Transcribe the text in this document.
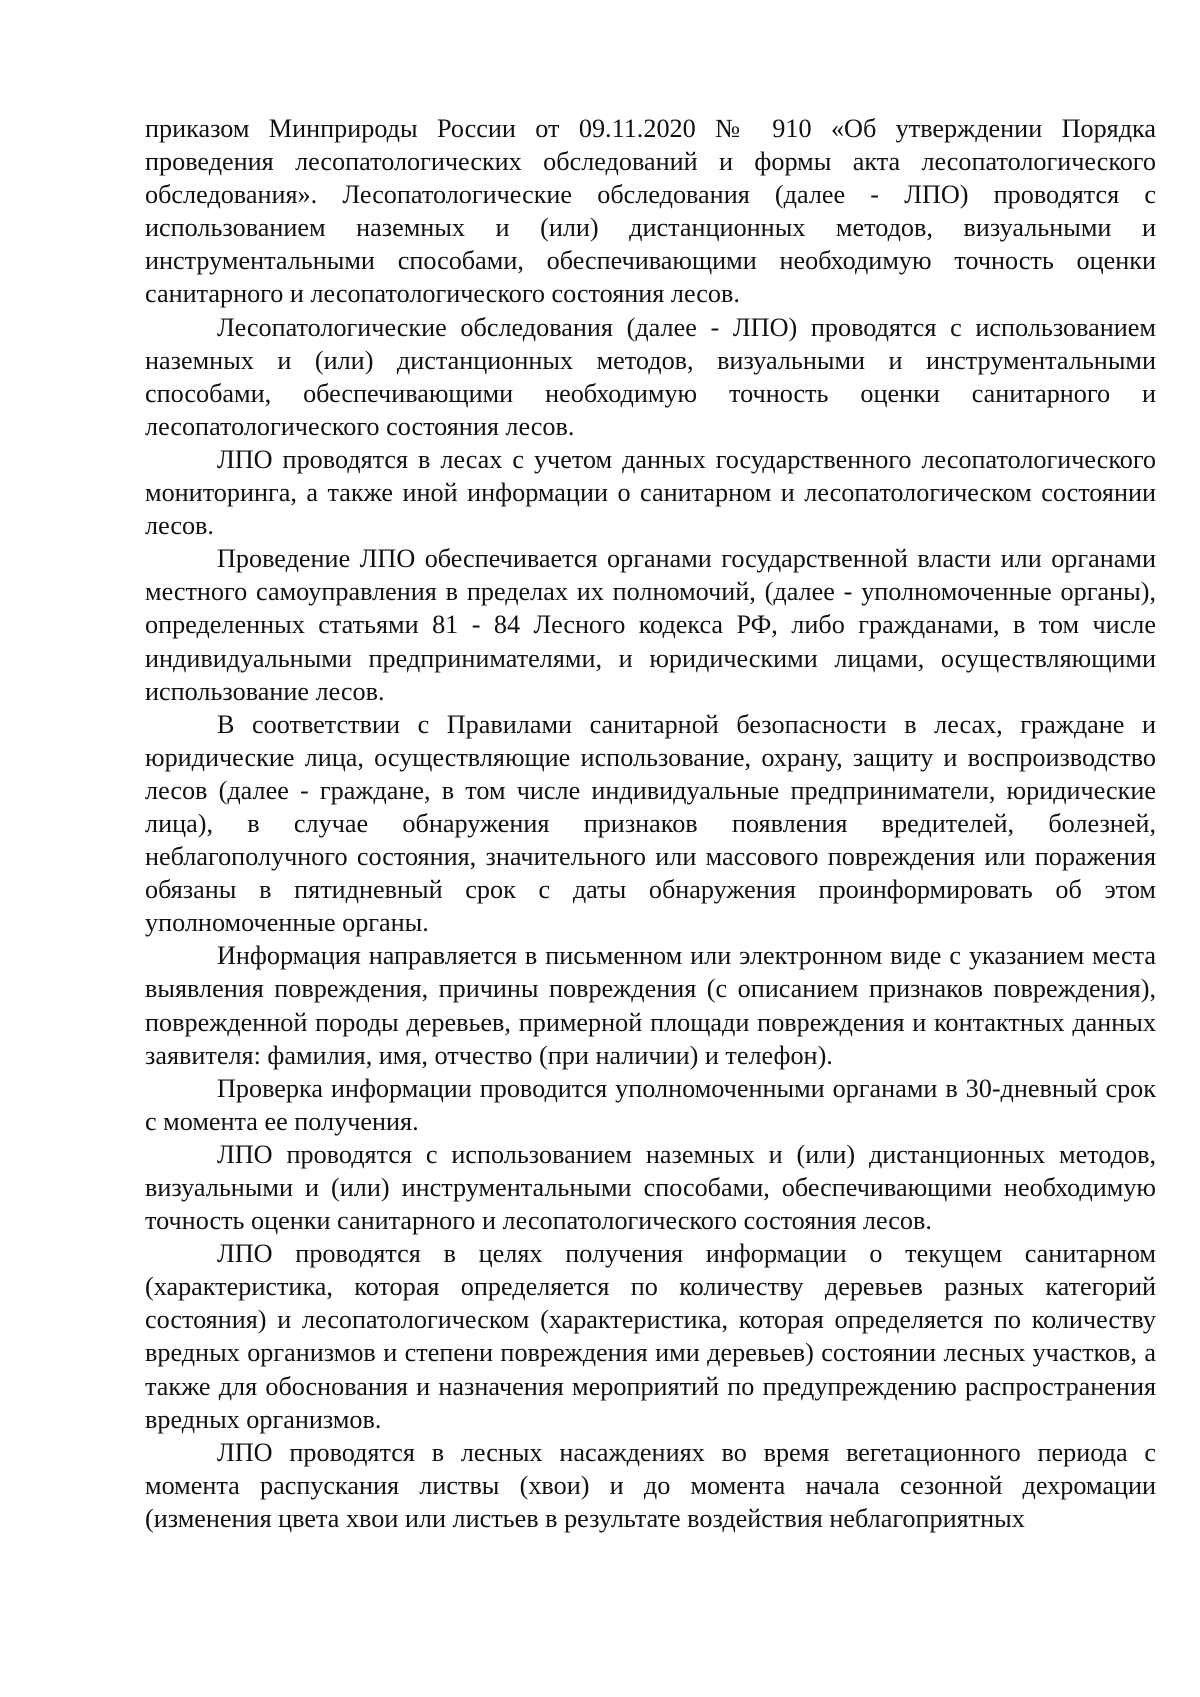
приказом Минприроды России от 09.11.2020 № 910 «Об утверждении Порядка проведения лесопатологических обследований и формы акта лесопатологического обследования». Лесопатологические обследования (далее - ЛПО) проводятся с использованием наземных и (или) дистанционных методов, визуальными и инструментальными способами, обеспечивающими необходимую точность оценки санитарного и лесопатологического состояния лесов.

Лесопатологические обследования (далее - ЛПО) проводятся с использованием наземных и (или) дистанционных методов, визуальными и инструментальными способами, обеспечивающими необходимую точность оценки санитарного и лесопатологического состояния лесов.

ЛПО проводятся в лесах с учетом данных государственного лесопатологического мониторинга, а также иной информации о санитарном и лесопатологическом состоянии лесов.

Проведение ЛПО обеспечивается органами государственной власти или органами местного самоуправления в пределах их полномочий, (далее - уполномоченные органы), определенных статьями 81 - 84 Лесного кодекса РФ, либо гражданами, в том числе индивидуальными предпринимателями, и юридическими лицами, осуществляющими использование лесов.

В соответствии с Правилами санитарной безопасности в лесах, граждане и юридические лица, осуществляющие использование, охрану, защиту и воспроизводство лесов (далее - граждане, в том числе индивидуальные предприниматели, юридические лица), в случае обнаружения признаков появления вредителей, болезней, неблагополучного состояния, значительного или массового повреждения или поражения обязаны в пятидневный срок с даты обнаружения проинформировать об этом уполномоченные органы.

Информация направляется в письменном или электронном виде с указанием места выявления повреждения, причины повреждения (с описанием признаков повреждения), поврежденной породы деревьев, примерной площади повреждения и контактных данных заявителя: фамилия, имя, отчество (при наличии) и телефон).

Проверка информации проводится уполномоченными органами в 30-дневный срок с момента ее получения.

ЛПО проводятся с использованием наземных и (или) дистанционных методов, визуальными и (или) инструментальными способами, обеспечивающими необходимую точность оценки санитарного и лесопатологического состояния лесов.

ЛПО проводятся в целях получения информации о текущем санитарном (характеристика, которая определяется по количеству деревьев разных категорий состояния) и лесопатологическом (характеристика, которая определяется по количеству вредных организмов и степени повреждения ими деревьев) состоянии лесных участков, а также для обоснования и назначения мероприятий по предупреждению распространения вредных организмов.

ЛПО проводятся в лесных насаждениях во время вегетационного периода с момента распускания листвы (хвои) и до момента начала сезонной дехромации (изменения цвета хвои или листьев в результате воздействия неблагоприятных
